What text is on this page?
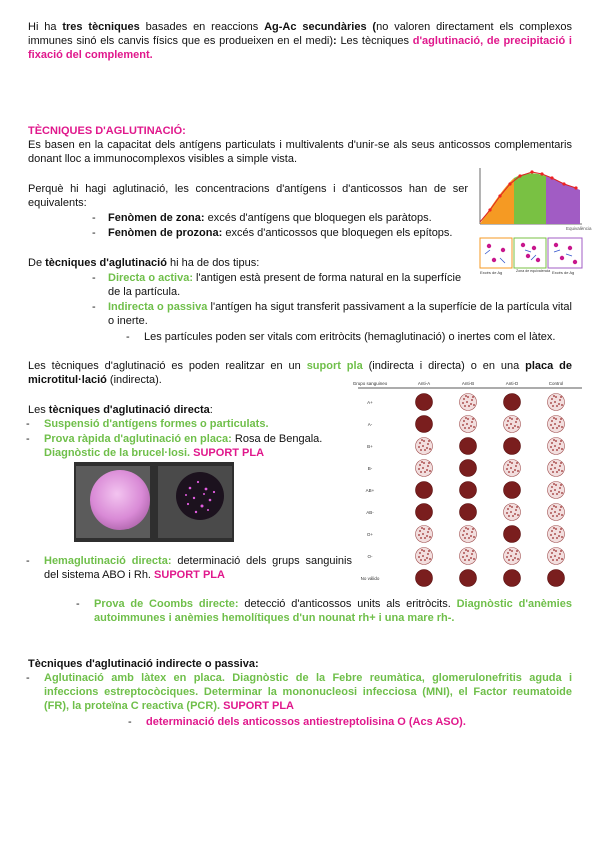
Hi ha tres tècniques basades en reaccions Ag-Ac secundàries (no valoren directament els complexos immunes sinó els canvis físics que es produeixen en el medi): Les tècniques d'aglutinació, de precipitació i fixació del complement.
TÈCNIQUES D'AGLUTINACIÓ:
Es basen en la capacitat dels antígens particulats i multivalents d'unir-se als seus anticossos complementaris donant lloc a immunocomplexos visibles a simple vista.
Perquè hi hagi aglutinació, les concentracions d'antígens i d'anticossos han de ser equivalents:
- Fenòmen de zona: excés d'antígens que bloquegen els paràtops.
- Fenòmen de prozona: excés d'anticossos que bloquegen els epítops.	Equivalència
Excés de Ag	Zona de equivalencia Excés de Ag
De tècniques d'aglutinació hi ha de dos tipus:
- Directa o activa: l'antigen està present de forma natural en la superfície de la partícula.
- Indirecta o passiva l'antígen ha sigut transferit passivament a la superfície de la partícula vital o inerte.
- Les partícules poden ser vitals com eritròcits (hemaglutinació) o inertes com el làtex.
Les tècniques d'aglutinació es poden realitzar en un suport pla (indirecta i directa) o en una placa de microtitul·lació (indirecta).
Les tècniques d'aglutinació directa:
- Suspensió d'antígens formes o particulats.
- Prova ràpida d'aglutinació en placa: Rosa de Bengala. Diagnòstic de la brucel·losi. SUPORT PLA
- Hemaglutinació directa: determinació dels grups sanguinis del sistema ABO i Rh. SUPORT PLA
Grupo sanguineo	Anti-A	Anti-B	Anti-D	Control
A+
A-
B+
B-
AB+
AB-
O+
O-
No válido
- Prova de Coombs directe: detecció d'anticossos units als eritròcits. Diagnòstic d'anèmies autoimmunes i anèmies hemolítiques d'un nounat rh+ i una mare rh-.
Tècniques d'aglutinació indirecte o passiva:
- Aglutinació amb làtex en placa. Diagnòstic de la Febre reumàtica, glomerulonefritis aguda i infeccions estreptocòciques. Determinar la mononucleosi infecciosa (MNI), el Factor reumatoide (FR), la proteïna C reactiva (PCR). SUPORT PLA
- determinació dels anticossos antiestreptolisina O (Acs ASO).
